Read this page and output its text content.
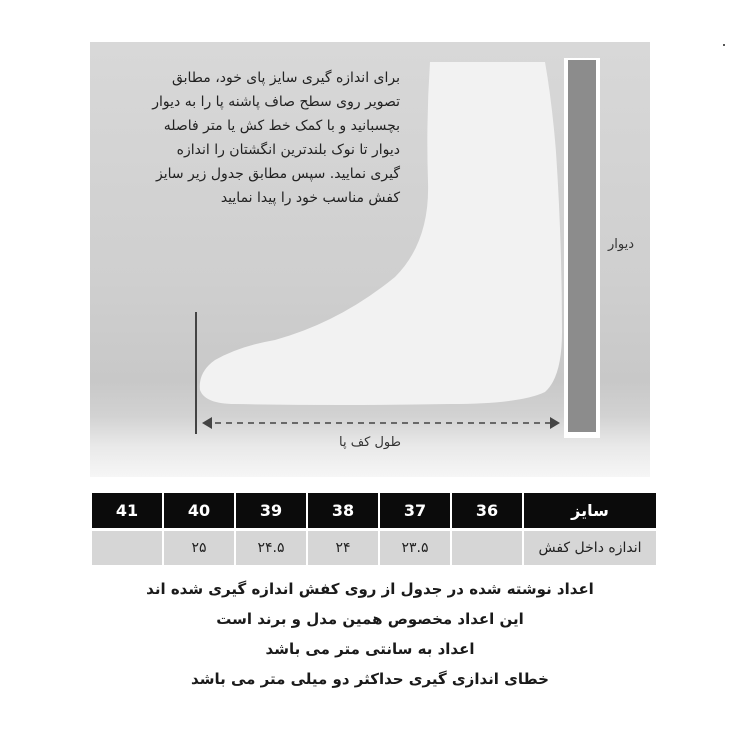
برای اندازه گیری سایز پای خود، مطابق
تصویر روی سطح صاف پاشنه پا را به دیوار
بچسبانید و با کمک خط کش یا متر فاصله
دیوار تا نوک بلندترین انگشتان را اندازه
گیری نمایید. سپس مطابق جدول زیر سایز
کفش مناسب خود را پیدا نمایید

دیوار
طول کف پا
41	40	39	38	37	36	سایز
	۲۵	۲۴.۵	۲۴	۲۳.۵		اندازه داخل کفش
اعداد نوشته شده در جدول از روی کفش اندازه گیری شده اند
این اعداد مخصوص همین مدل و برند است
اعداد به سانتی متر می باشد
خطای اندازی گیری حداکثر دو میلی متر می باشد
